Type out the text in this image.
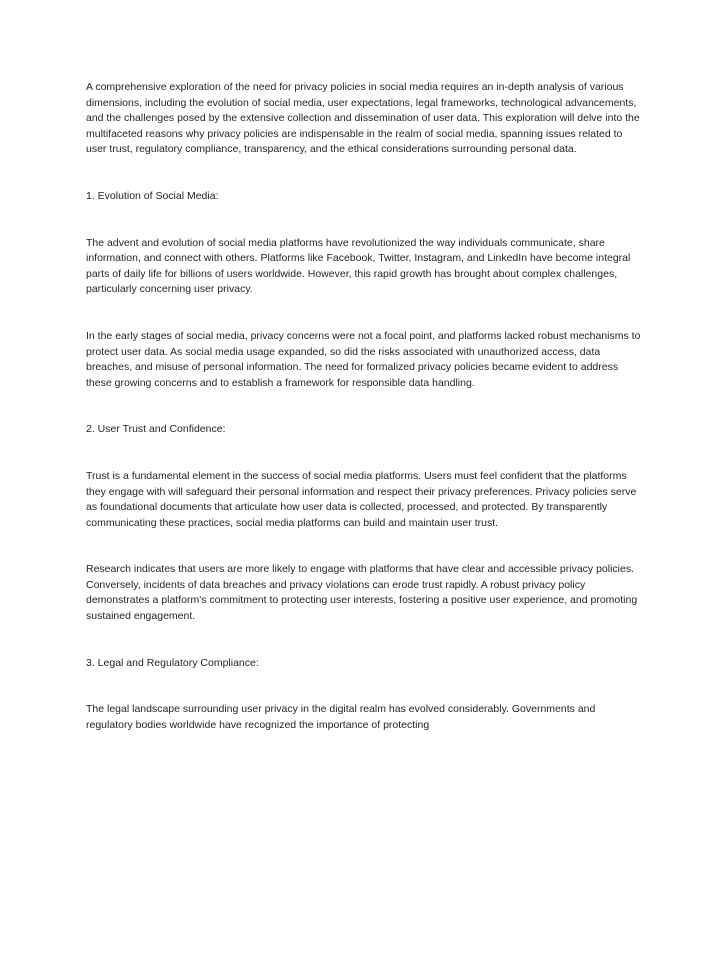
A comprehensive exploration of the need for privacy policies in social media requires an in-depth analysis of various dimensions, including the evolution of social media, user expectations, legal frameworks, technological advancements, and the challenges posed by the extensive collection and dissemination of user data. This exploration will delve into the multifaceted reasons why privacy policies are indispensable in the realm of social media, spanning issues related to user trust, regulatory compliance, transparency, and the ethical considerations surrounding personal data.

1. Evolution of Social Media:

The advent and evolution of social media platforms have revolutionized the way individuals communicate, share information, and connect with others. Platforms like Facebook, Twitter, Instagram, and LinkedIn have become integral parts of daily life for billions of users worldwide. However, this rapid growth has brought about complex challenges, particularly concerning user privacy.

In the early stages of social media, privacy concerns were not a focal point, and platforms lacked robust mechanisms to protect user data. As social media usage expanded, so did the risks associated with unauthorized access, data breaches, and misuse of personal information. The need for formalized privacy policies became evident to address these growing concerns and to establish a framework for responsible data handling.

2. User Trust and Confidence:

Trust is a fundamental element in the success of social media platforms. Users must feel confident that the platforms they engage with will safeguard their personal information and respect their privacy preferences. Privacy policies serve as foundational documents that articulate how user data is collected, processed, and protected. By transparently communicating these practices, social media platforms can build and maintain user trust.

Research indicates that users are more likely to engage with platforms that have clear and accessible privacy policies. Conversely, incidents of data breaches and privacy violations can erode trust rapidly. A robust privacy policy demonstrates a platform's commitment to protecting user interests, fostering a positive user experience, and promoting sustained engagement.

3. Legal and Regulatory Compliance:

The legal landscape surrounding user privacy in the digital realm has evolved considerably. Governments and regulatory bodies worldwide have recognized the importance of protecting
